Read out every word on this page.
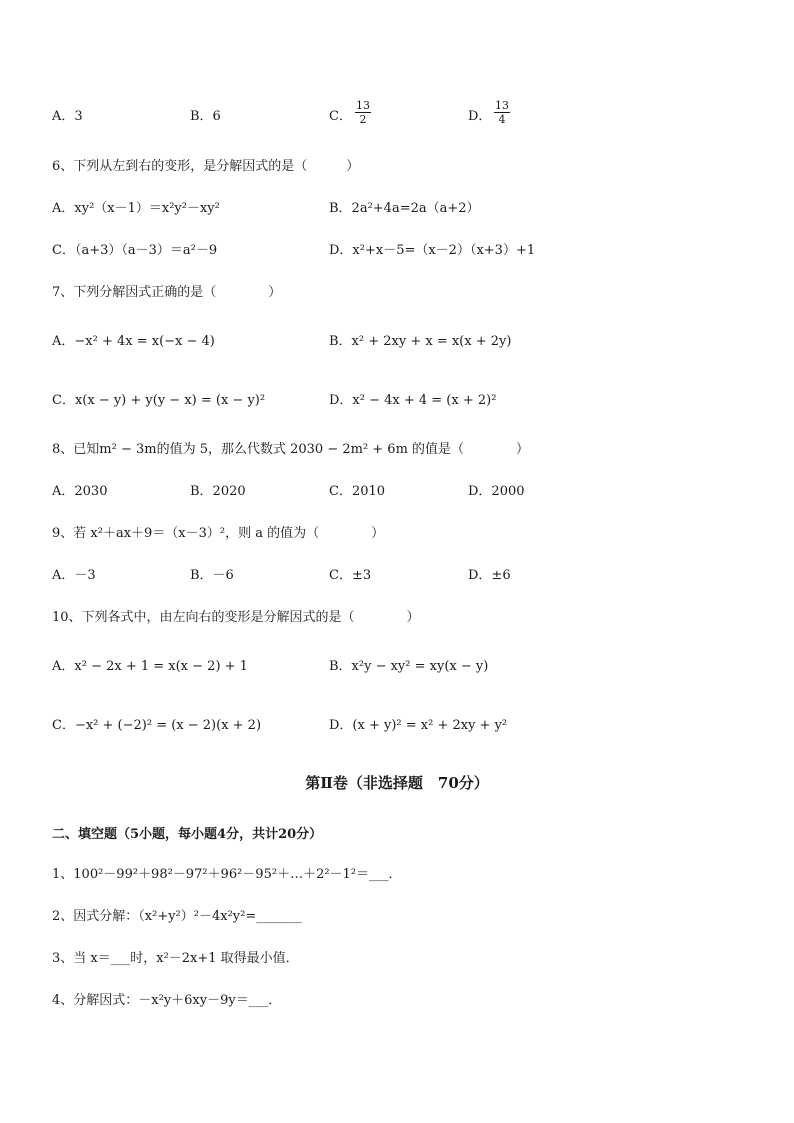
A．3	B．6	C． $\frac{13}{2}$	D． $\frac{13}{4}$
6、下列从左到右的变形，是分解因式的是（　　　）
A．xy²（x－1）＝x²y²－xy²	B．2a²+4a=2a（a+2）
C．（a+3）（a－3）＝a²－9	D．x²+x－5=（x－2）（x+3）+1
7、下列分解因式正确的是（　　　　）
A．−x² + 4x = x(−x − 4)	B．x² + 2xy + x = x(x + 2y)
C．x(x − y) + y(y − x) = (x − y)²	D．x² − 4x + 4 = (x + 2)²
8、已知m² − 3m的值为 5，那么代数式 2030 − 2m² + 6m 的值是（　　　　）
A．2030	B．2020	C．2010	D．2000
9、若 x²＋ax＋9＝（x－3）²，则 a 的值为（　　　　）
A．－3	B．－6	C．±3	D．±6
10、下列各式中，由左向右的变形是分解因式的是（　　　　）
A．x² − 2x + 1 = x(x − 2) + 1	B．x²y − xy² = xy(x − y)
C．−x² + (−2)² = (x − 2)(x + 2)	D．(x + y)² = x² + 2xy + y²
第Ⅱ卷（非选择题　70分）
二、填空题（5小题，每小题4分，共计20分）
1、100²－99²＋98²－97²＋96²－95²＋…＋2²－1²＝___．
2、因式分解：（x²+y²）²－4x²y²=_______
3、当 x＝___时，x²－2x+1 取得最小值．
4、分解因式：－x²y＋6xy－9y＝___．
